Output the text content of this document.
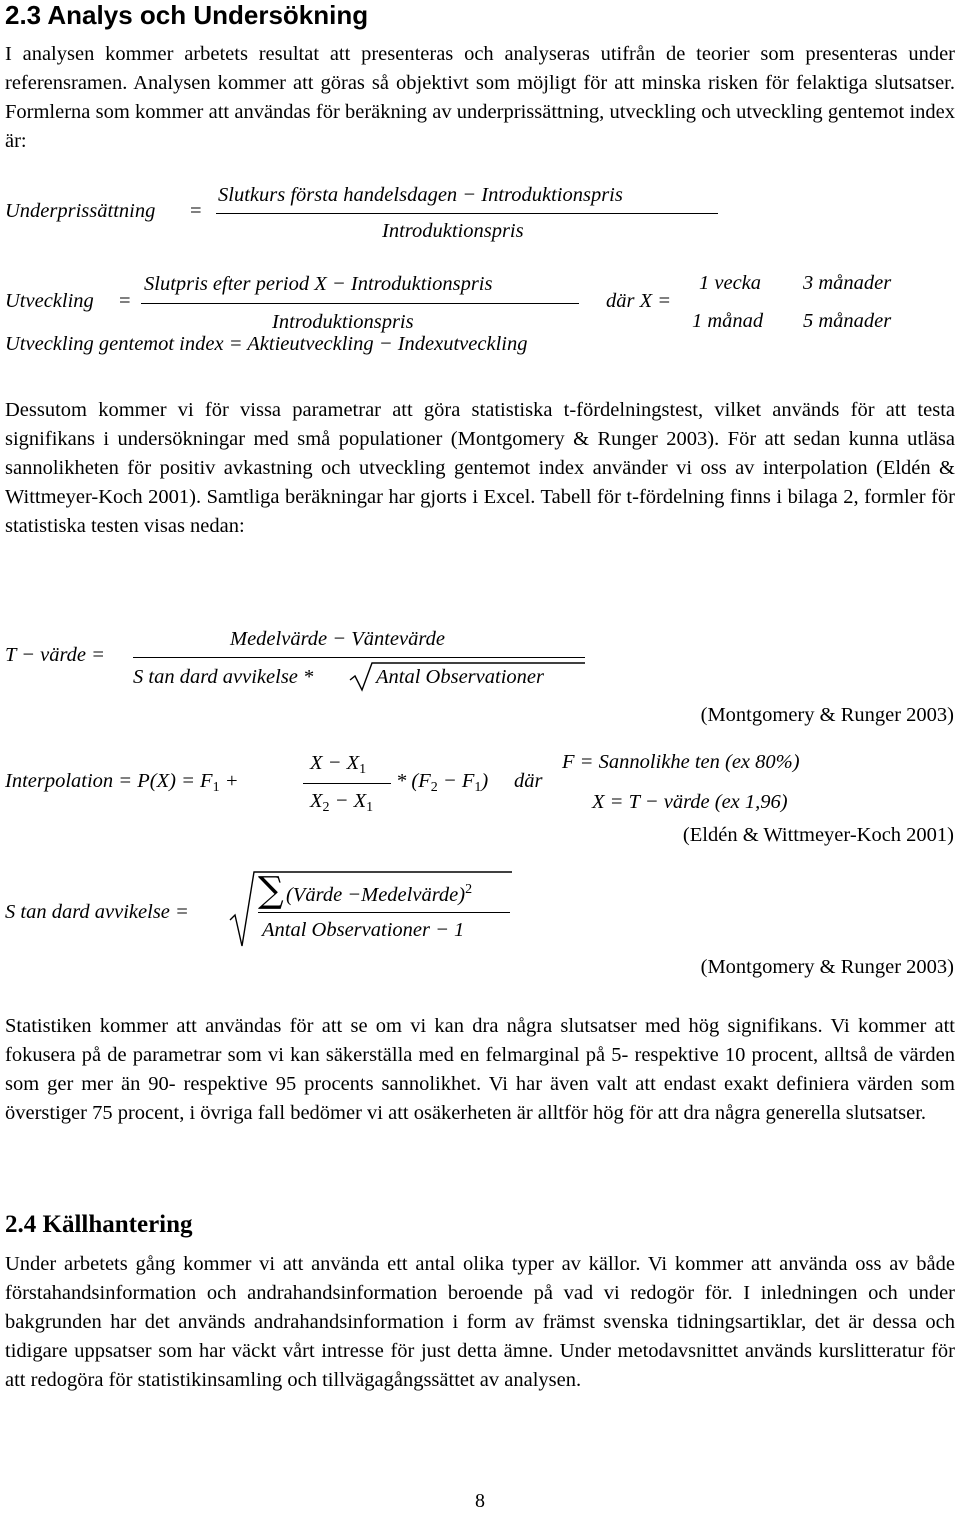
2.3 Analys och Undersökning
I analysen kommer arbetets resultat att presenteras och analyseras utifrån de teorier som presenteras under referensramen. Analysen kommer att göras så objektivt som möjligt för att minska risken för felaktiga slutsatser. Formlerna som kommer att användas för beräkning av underprissättning, utveckling och utveckling gentemot index är:
Underprissättning =
Slutkurs första handelsdagen − Introduktionspris
Introduktionspris
Utveckling =
Slutpris efter period X − Introduktionspris
Introduktionspris
där X =
1 vecka 3 månader
1 månad 5 månader
Utveckling gentemot index = Aktieutveckling − Indexutveckling
Dessutom kommer vi för vissa parametrar att göra statistiska t-fördelningstest, vilket används för att testa signifikans i undersökningar med små populationer (Montgomery & Runger 2003). För att sedan kunna utläsa sannolikheten för positiv avkastning och utveckling gentemot index använder vi oss av interpolation (Eldén & Wittmeyer-Koch 2001). Samtliga beräkningar har gjorts i Excel. Tabell för t-fördelning finns i bilaga 2, formler för statistiska testen visas nedan:
T − värde =
Medelvärde − Väntevärde
S tan dard avvikelse *	Antal Observationer
(Montgomery & Runger 2003)
Interpolation = $P(X) = F_1$ +
$X - X_1$
$X_2 - X_1$
* $(F_2 - F_1)$ där
F = Sannolikhe ten (ex 80%)
X = T − värde (ex 1,96)
(Eldén & Wittmeyer-Koch 2001)
S tan dard avvikelse =
∑ (Värde −Medelvärde)$^2$
Antal Observationer − 1
(Montgomery & Runger 2003)
Statistiken kommer att användas för att se om vi kan dra några slutsatser med hög signifikans. Vi kommer att fokusera på de parametrar som vi kan säkerställa med en felmarginal på 5- respektive 10 procent, alltså de värden som ger mer än 90- respektive 95 procents sannolikhet. Vi har även valt att endast exakt definiera värden som överstiger 75 procent, i övriga fall bedömer vi att osäkerheten är alltför hög för att dra några generella slutsatser.
2.4 Källhantering
Under arbetets gång kommer vi att använda ett antal olika typer av källor. Vi kommer att använda oss av både förstahandsinformation och andrahandsinformation beroende på vad vi redogör för. I inledningen och under bakgrunden har det används andrahandsinformation i form av främst svenska tidningsartiklar, det är dessa och tidigare uppsatser som har väckt vårt intresse för just detta ämne. Under metodavsnittet används kurslitteratur för att redogöra för statistikinsamling och tillvägagångssättet av analysen.
8
